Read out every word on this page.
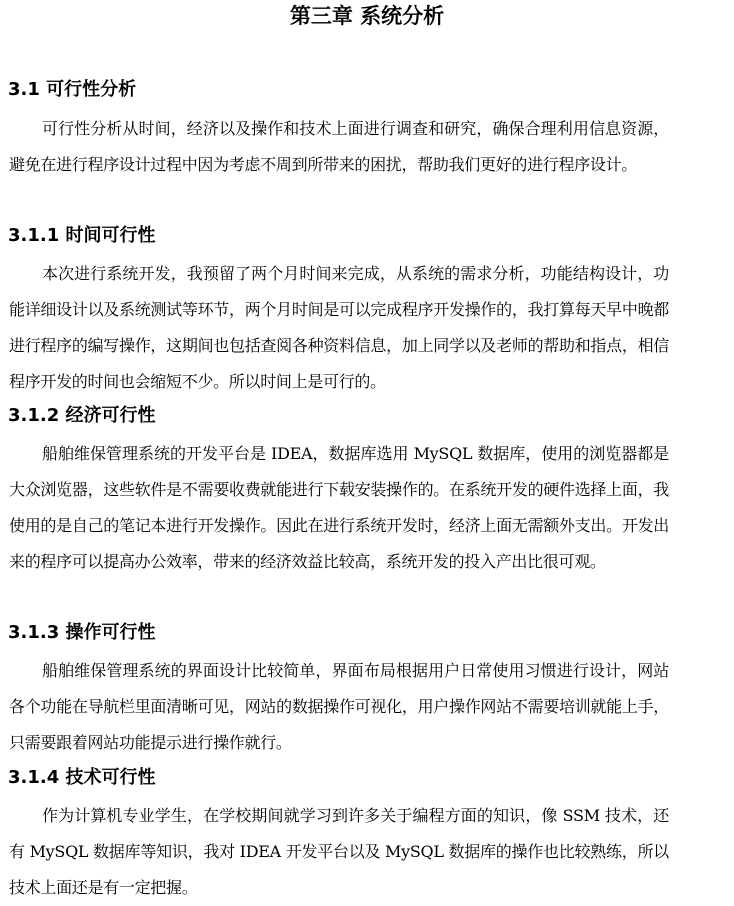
第三章 系统分析
3.1 可行性分析

可行性分析从时间，经济以及操作和技术上面进行调查和研究，确保合理利用信息资源，避免在进行程序设计过程中因为考虑不周到所带来的困扰，帮助我们更好的进行程序设计。

3.1.1 时间可行性

本次进行系统开发，我预留了两个月时间来完成，从系统的需求分析，功能结构设计，功能详细设计以及系统测试等环节，两个月时间是可以完成程序开发操作的，我打算每天早中晚都进行程序的编写操作，这期间也包括查阅各种资料信息，加上同学以及老师的帮助和指点，相信程序开发的时间也会缩短不少。所以时间上是可行的。

3.1.2 经济可行性

船舶维保管理系统的开发平台是 IDEA，数据库选用 MySQL 数据库，使用的浏览器都是大众浏览器，这些软件是不需要收费就能进行下载安装操作的。在系统开发的硬件选择上面，我使用的是自己的笔记本进行开发操作。因此在进行系统开发时，经济上面无需额外支出。开发出来的程序可以提高办公效率，带来的经济效益比较高，系统开发的投入产出比很可观。

3.1.3 操作可行性

船舶维保管理系统的界面设计比较简单，界面布局根据用户日常使用习惯进行设计，网站各个功能在导航栏里面清晰可见，网站的数据操作可视化，用户操作网站不需要培训就能上手，只需要跟着网站功能提示进行操作就行。

3.1.4 技术可行性

作为计算机专业学生，在学校期间就学习到许多关于编程方面的知识，像 SSM 技术，还有 MySQL 数据库等知识，我对 IDEA 开发平台以及 MySQL 数据库的操作也比较熟练，所以技术上面还是有一定把握。
